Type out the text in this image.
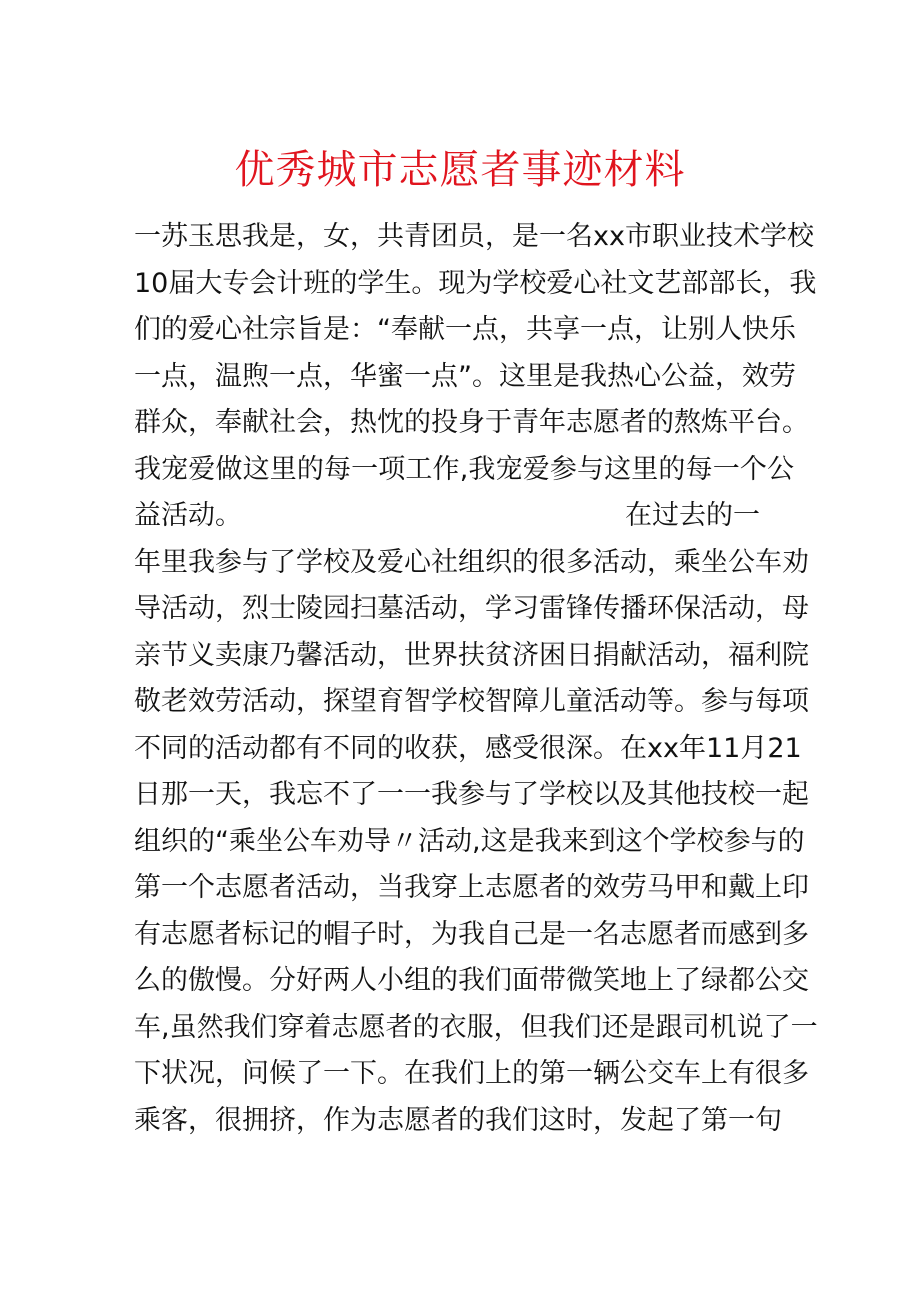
优秀城市志愿者事迹材料
一苏玉思我是，女，共青团员，是一名xx市职业技术学校
10届大专会计班的学生。现为学校爱心社文艺部部长，我
们的爱心社宗旨是：“奉献一点，共享一点，让别人快乐
一点，温煦一点，华蜜一点”。这里是我热心公益，效劳
群众，奉献社会，热忱的投身于青年志愿者的熬炼平台。
我宠爱做这里的每一项工作,我宠爱参与这里的每一个公
益活动。	在过去的一
年里我参与了学校及爱心社组织的很多活动，乘坐公车劝
导活动，烈士陵园扫墓活动，学习雷锋传播环保活动，母
亲节义卖康乃馨活动，世界扶贫济困日捐献活动，福利院
敬老效劳活动，探望育智学校智障儿童活动等。参与每项
不同的活动都有不同的收获，感受很深。在xx年11月21
日那一天，我忘不了一一我参与了学校以及其他技校一起
组织的“乘坐公车劝导〃活动,这是我来到这个学校参与的
第一个志愿者活动，当我穿上志愿者的效劳马甲和戴上印
有志愿者标记的帽子时，为我自己是一名志愿者而感到多
么的傲慢。分好两人小组的我们面带微笑地上了绿都公交
车,虽然我们穿着志愿者的衣服，但我们还是跟司机说了一
下状况，问候了一下。在我们上的第一辆公交车上有很多
乘客，很拥挤，作为志愿者的我们这时，发起了第一句
